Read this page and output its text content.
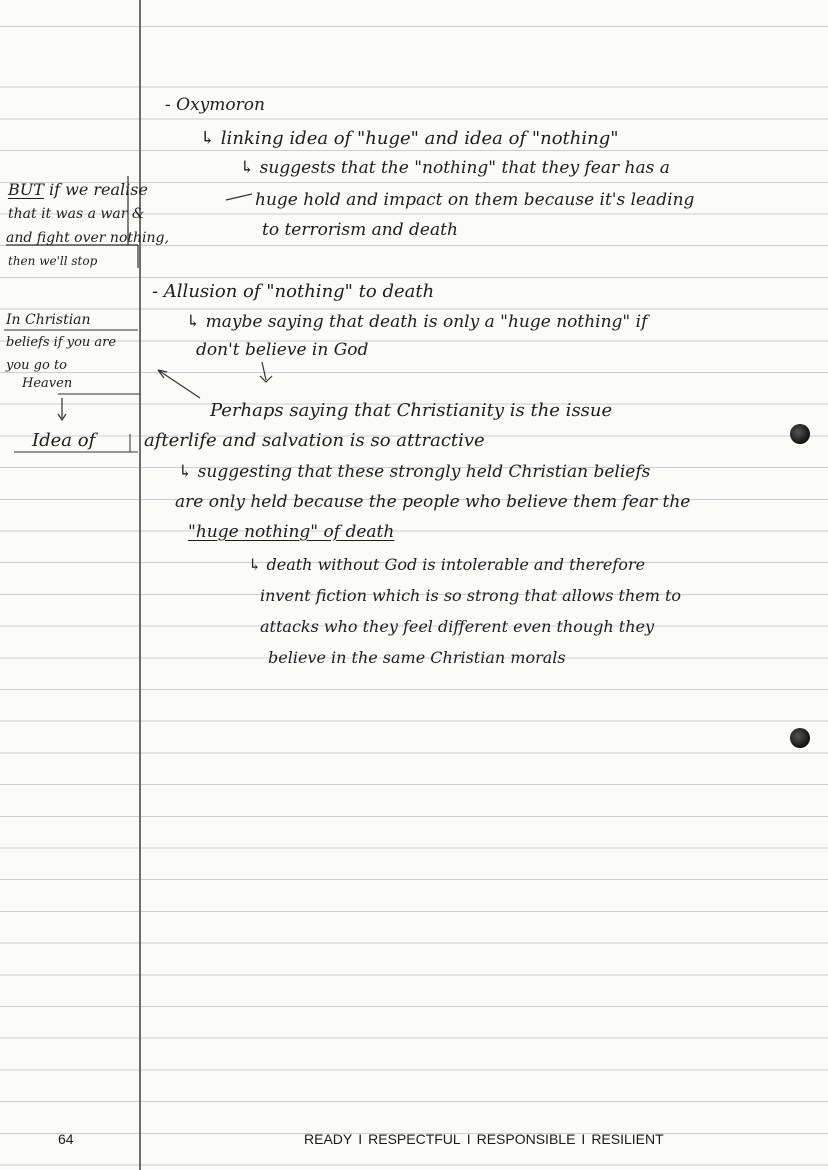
- Oxymoron
↳ linking idea of "huge" and idea of "nothing"
↳ suggests that the "nothing" that they fear has a
huge hold and impact on them because it's leading
to terrorism and death
BUT if we realise
that it was a war &
and fight over nothing,
then we'll stop
- Allusion of "nothing" to death
↳ maybe saying that death is only a "huge nothing" if
don't believe in God
In Christian
beliefs if you are
you go to
Heaven
Perhaps saying that Christianity is the issue
Idea of	afterlife and salvation is so attractive
↳ suggesting that these strongly held Christian beliefs
are only held because the people who believe them fear the
"huge nothing" of death
↳ death without God is intolerable and therefore
invent fiction which is so strong that allows them to
attacks who they feel different even though they
believe in the same Christian morals
64	READY I RESPECTFUL I RESPONSIBLE I RESILIENT
